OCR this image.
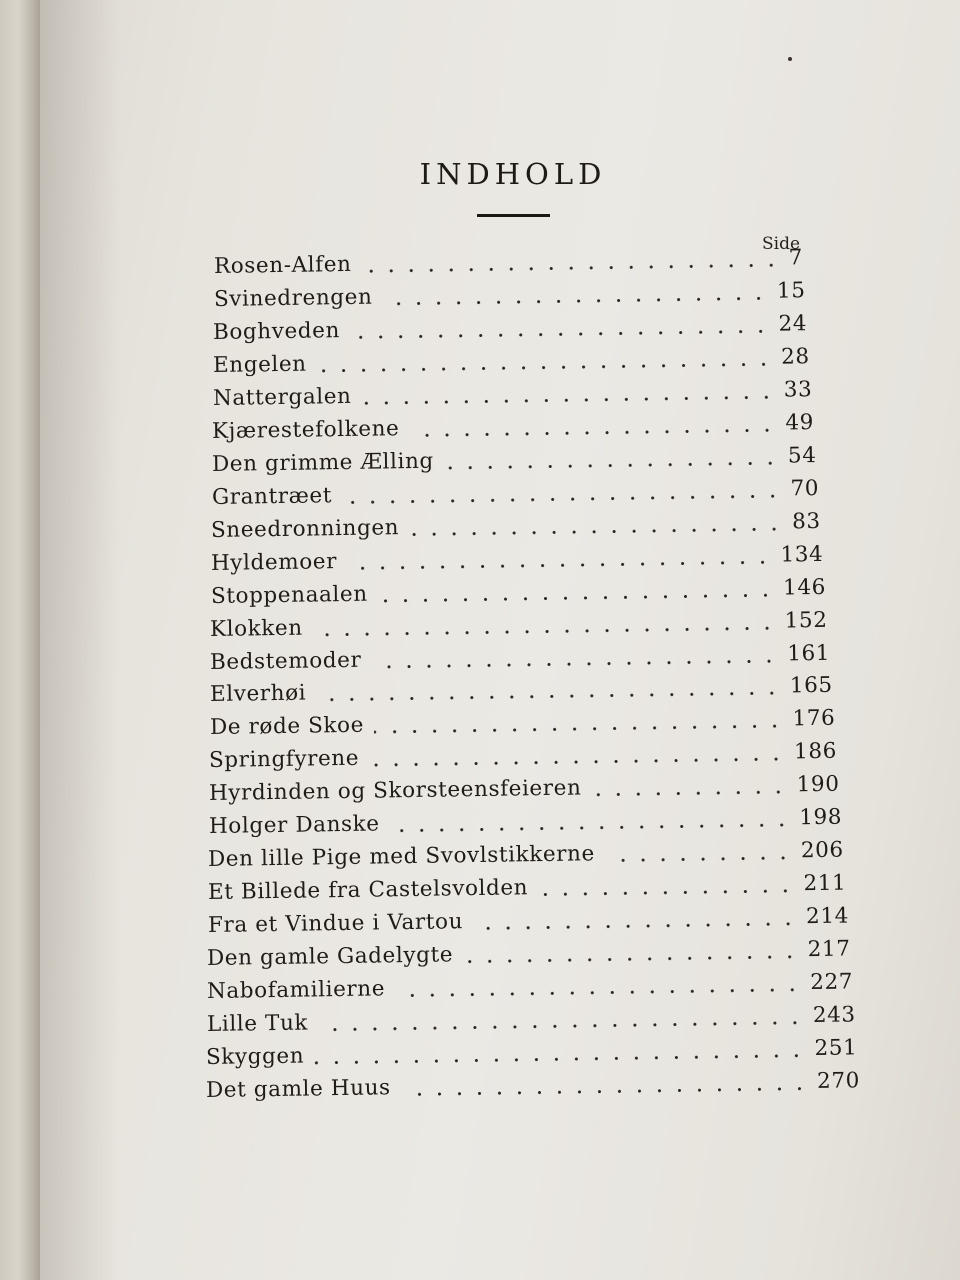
INDHOLD
Side
Rosen-Alfen	7
Svinedrengen	15
Boghveden	24
Engelen	28
Nattergalen	33
Kjærestefolkene	49
Den grimme Ælling	54
Grantræet	70
Sneedronningen	83
Hyldemoer	134
Stoppenaalen	146
Klokken	152
Bedstemoder	161
Elverhøi	165
De røde Skoe	176
Springfyrene	186
Hyrdinden og Skorsteensfeieren	190
Holger Danske	198
Den lille Pige med Svovlstikkerne	206
Et Billede fra Castelsvolden	211
Fra et Vindue i Vartou	214
Den gamle Gadelygte	217
Nabofamilierne	227
Lille Tuk	243
Skyggen	251
Det gamle Huus	270
